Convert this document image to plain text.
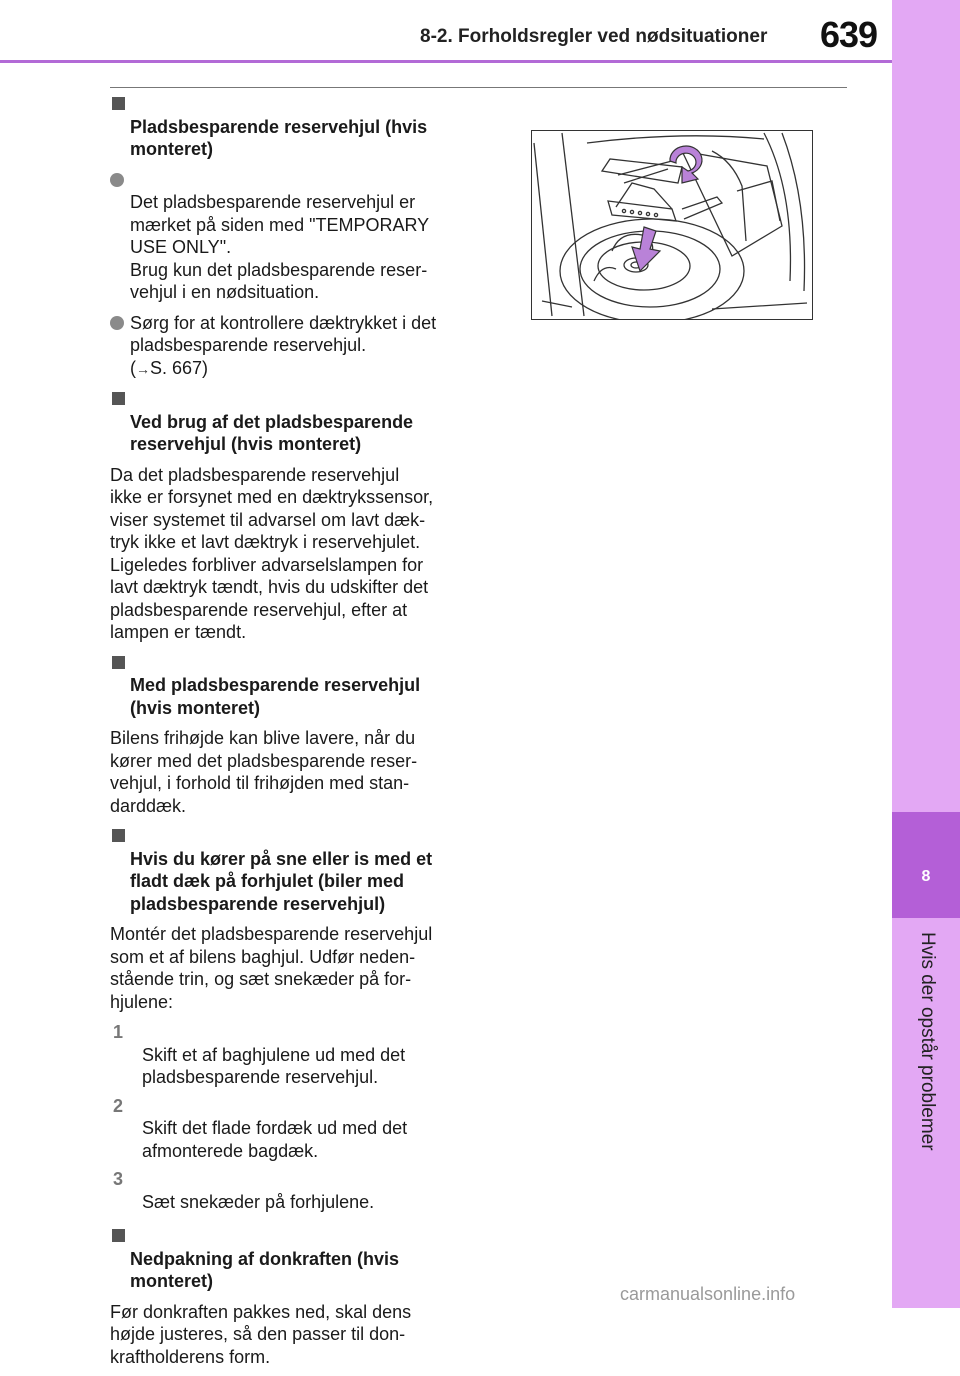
8-2. Forholdsregler ved nødsituationer 639
8
Hvis der opstår problemer

Pladsbesparende reservehjul (hvis monteret)

Det pladsbesparende reservehjul er
mærket på siden med "TEMPORARY
USE ONLY".
Brug kun det pladsbesparende reser-
vehjul i en nødsituation.

Sørg for at kontrollere dæktrykket i det
pladsbesparende reservehjul.
(→S. 667)

Ved brug af det pladsbesparende
reservehjul (hvis monteret)

Da det pladsbesparende reservehjul
ikke er forsynet med en dæktrykssensor,
viser systemet til advarsel om lavt dæk-
tryk ikke et lavt dæktryk i reservehjulet.
Ligeledes forbliver advarselslampen for
lavt dæktryk tændt, hvis du udskifter det
pladsbesparende reservehjul, efter at
lampen er tændt.

Med pladsbesparende reservehjul
(hvis monteret)

Bilens frihøjde kan blive lavere, når du
kører med det pladsbesparende reser-
vehjul, i forhold til frihøjden med stan-
darddæk.

Hvis du kører på sne eller is med et
fladt dæk på forhjulet (biler med
pladsbesparende reservehjul)

Montér det pladsbesparende reservehjul
som et af bilens baghjul. Udfør neden-
stående trin, og sæt snekæder på for-
hjulene:

1
Skift et af baghjulene ud med det
pladsbesparende reservehjul.

2
Skift det flade fordæk ud med det
afmonterede bagdæk.

3
Sæt snekæder på forhjulene.

Nedpakning af donkraften (hvis
monteret)

Før donkraften pakkes ned, skal dens
højde justeres, så den passer til don-
kraftholderens form.
carmanualsonline.info
